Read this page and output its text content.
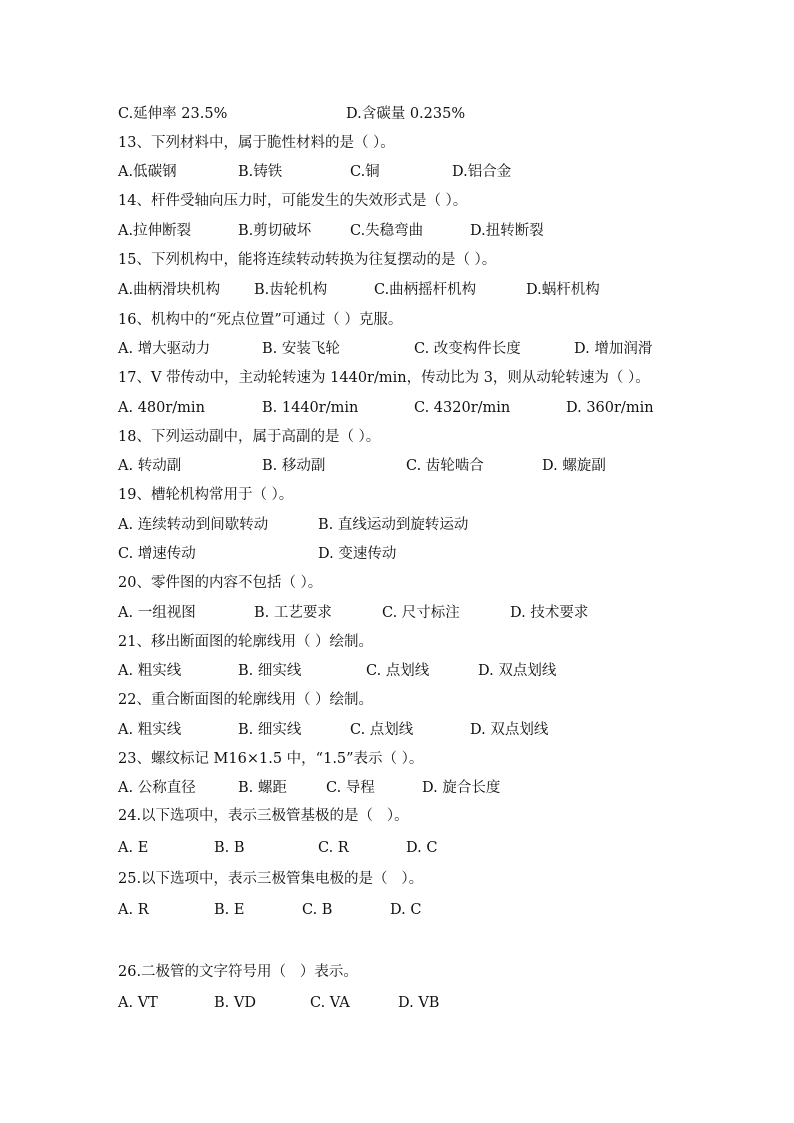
C.延伸率 23.5%	D.含碳量 0.235%
13、下列材料中，属于脆性材料的是（ ）。
A.低碳钢	B.铸铁	C.铜	D.铝合金
14、杆件受轴向压力时，可能发生的失效形式是（ ）。
A.拉伸断裂	B.剪切破坏	C.失稳弯曲	D.扭转断裂
15、下列机构中，能将连续转动转换为往复摆动的是（ ）。
A.曲柄滑块机构 B.齿轮机构	C.曲柄摇杆机构	D.蜗杆机构
16、机构中的“死点位置”可通过（ ）克服。
A. 增大驱动力	B. 安装飞轮	C. 改变构件长度	D. 增加润滑
17、V 带传动中，主动轮转速为 1440r/min，传动比为 3，则从动轮转速为（ ）。
A. 480r/min	B. 1440r/min	C. 4320r/min	D. 360r/min
18、下列运动副中，属于高副的是（ ）。
A. 转动副	B. 移动副	C. 齿轮啮合	D. 螺旋副
19、槽轮机构常用于（ ）。
A. 连续转动到间歇转动	B. 直线运动到旋转运动
C. 增速传动	D. 变速传动
20、零件图的内容不包括（ ）。
A. 一组视图	B. 工艺要求	C. 尺寸标注	D. 技术要求
21、移出断面图的轮廓线用（ ）绘制。
A. 粗实线	B. 细实线	C. 点划线	D. 双点划线
22、重合断面图的轮廓线用（ ）绘制。
A. 粗实线	B. 细实线	C. 点划线	D. 双点划线
23、螺纹标记 M16×1.5 中，“1.5”表示（ ）。
A. 公称直径	B. 螺距	C. 导程	D. 旋合长度
24.以下选项中，表示三极管基极的是（   ）。
A. E	B. B	C. R	D. C
25.以下选项中，表示三极管集电极的是（   ）。
A. R	B. E	C. B	D. C
26.二极管的文字符号用（   ）表示。
A. VT	B. VD	C. VA	D. VB
